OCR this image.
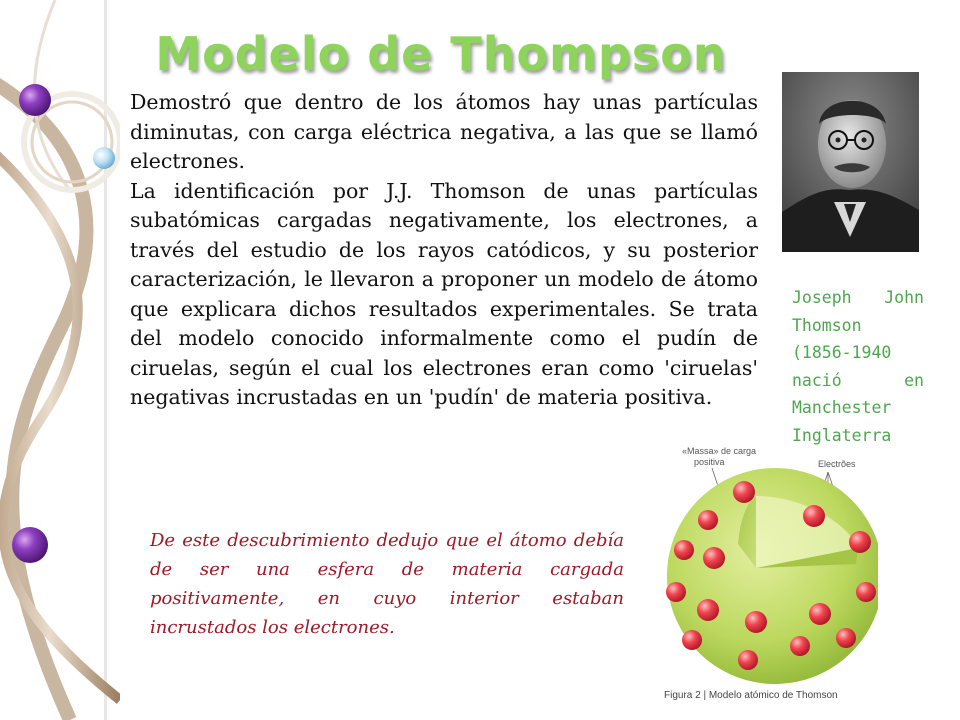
Modelo de Thompson

Demostró que dentro de los átomos hay unas partículas diminutas, con carga eléctrica negativa, a las que se llamó electrones.

La identificación por J.J. Thomson de unas partículas subatómicas cargadas negativamente, los electrones, a través del estudio de los rayos catódicos, y su posterior caracterización, le llevaron a proponer un modelo de átomo que explicara dichos resultados experimentales. Se trata del modelo conocido informalmente como el pudín de ciruelas, según el cual los electrones eran como 'ciruelas' negativas incrustadas en un 'pudín' de materia positiva.

Joseph John
Thomson
(1856-1940
nació	en
Manchester
Inglaterra
De este descubrimiento dedujo que el átomo debía de ser una esfera de materia cargada positivamente, en cuyo interior estaban incrustados los electrones.
«Massa» de carga
positiva	Electrões
Figura 2 | Modelo atómico de Thomson
